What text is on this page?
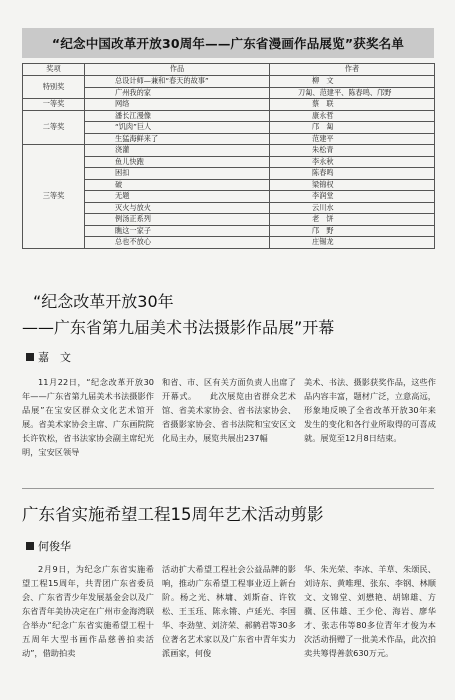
“纪念中国改革开放30周年——广东省漫画作品展览”获奖名单
奖项	作品	作者
特别奖	总设计师—兼和“春天的故事”	柳　文
	广州我的家	刀匐、范建平、陈春鸣、邝野
一等奖	网络	蔡　联
二等奖	潘长江漫像	康永哲
	“饥肉”巨人	邝　匐
	生猛海鲜来了	范建平
三等奖	浇灌	朱松青
	鱼儿快跑	李永秋
	困扣	陈春鸣
	破	梁锦权
	无题	李润堂
	灭火与放火	云川水
	例汤正系列	老　饼
	瞧这一家子	邝　野
	总也不放心	庄锡龙
“纪念改革开放30年
——广东省第九届美术书法摄影作品展”开幕
嘉　文
11月22日，“纪念改革开放30年——广东省第九届美术书法摄影作品展”在宝安区群众文化艺术馆开展。省美术家协会主席、广东画院院长许钦松，省书法家协会副主席纪光明，宝安区领导
和省、市、区有关方面负责人出席了开幕式。　　此次展览由省群众艺术馆、省美术家协会、省书法家协会、省摄影家协会、省书法院和宝安区文化局主办，展览共展出237幅
美术、书法、摄影获奖作品，这些作品内容丰富，题材广泛，立意高远，形象地反映了全省改革开放30年来发生的变化和各行业所取得的可喜成就。展览至12月8日结束。
广东省实施希望工程15周年艺术活动剪影
何俊华
2月9日，为纪念广东省实施希望工程15周年，共青团广东省委员会、广东省青少年发展基金会以及广东省青年美协决定在广州市金海湾联合举办“纪念广东省实施希望工程十五周年大型书画作品慈善拍卖活动”，借助拍卖
活动扩大希望工程社会公益品牌的影响，推动广东希望工程事业迈上新台阶。杨之光、林墉、刘斯奋、许钦松、王玉珏、陈永锵、卢延光、李国华、李劲堃、刘济荣、郝鹤君等30多位著名艺术家以及广东省中青年实力派画家，何俊
华、朱光荣、李冰、羊草、朱颂民、刘诗东、黄唯理、张东、李钢、林顺文、文锦堂、刘懋艳、胡锦雄、方骥、区伟雄、王少伦、海岩、廖华才、张志伟等80多位青年才俊为本次活动捐赠了一批美术作品，此次拍卖共筹得善款630万元。
